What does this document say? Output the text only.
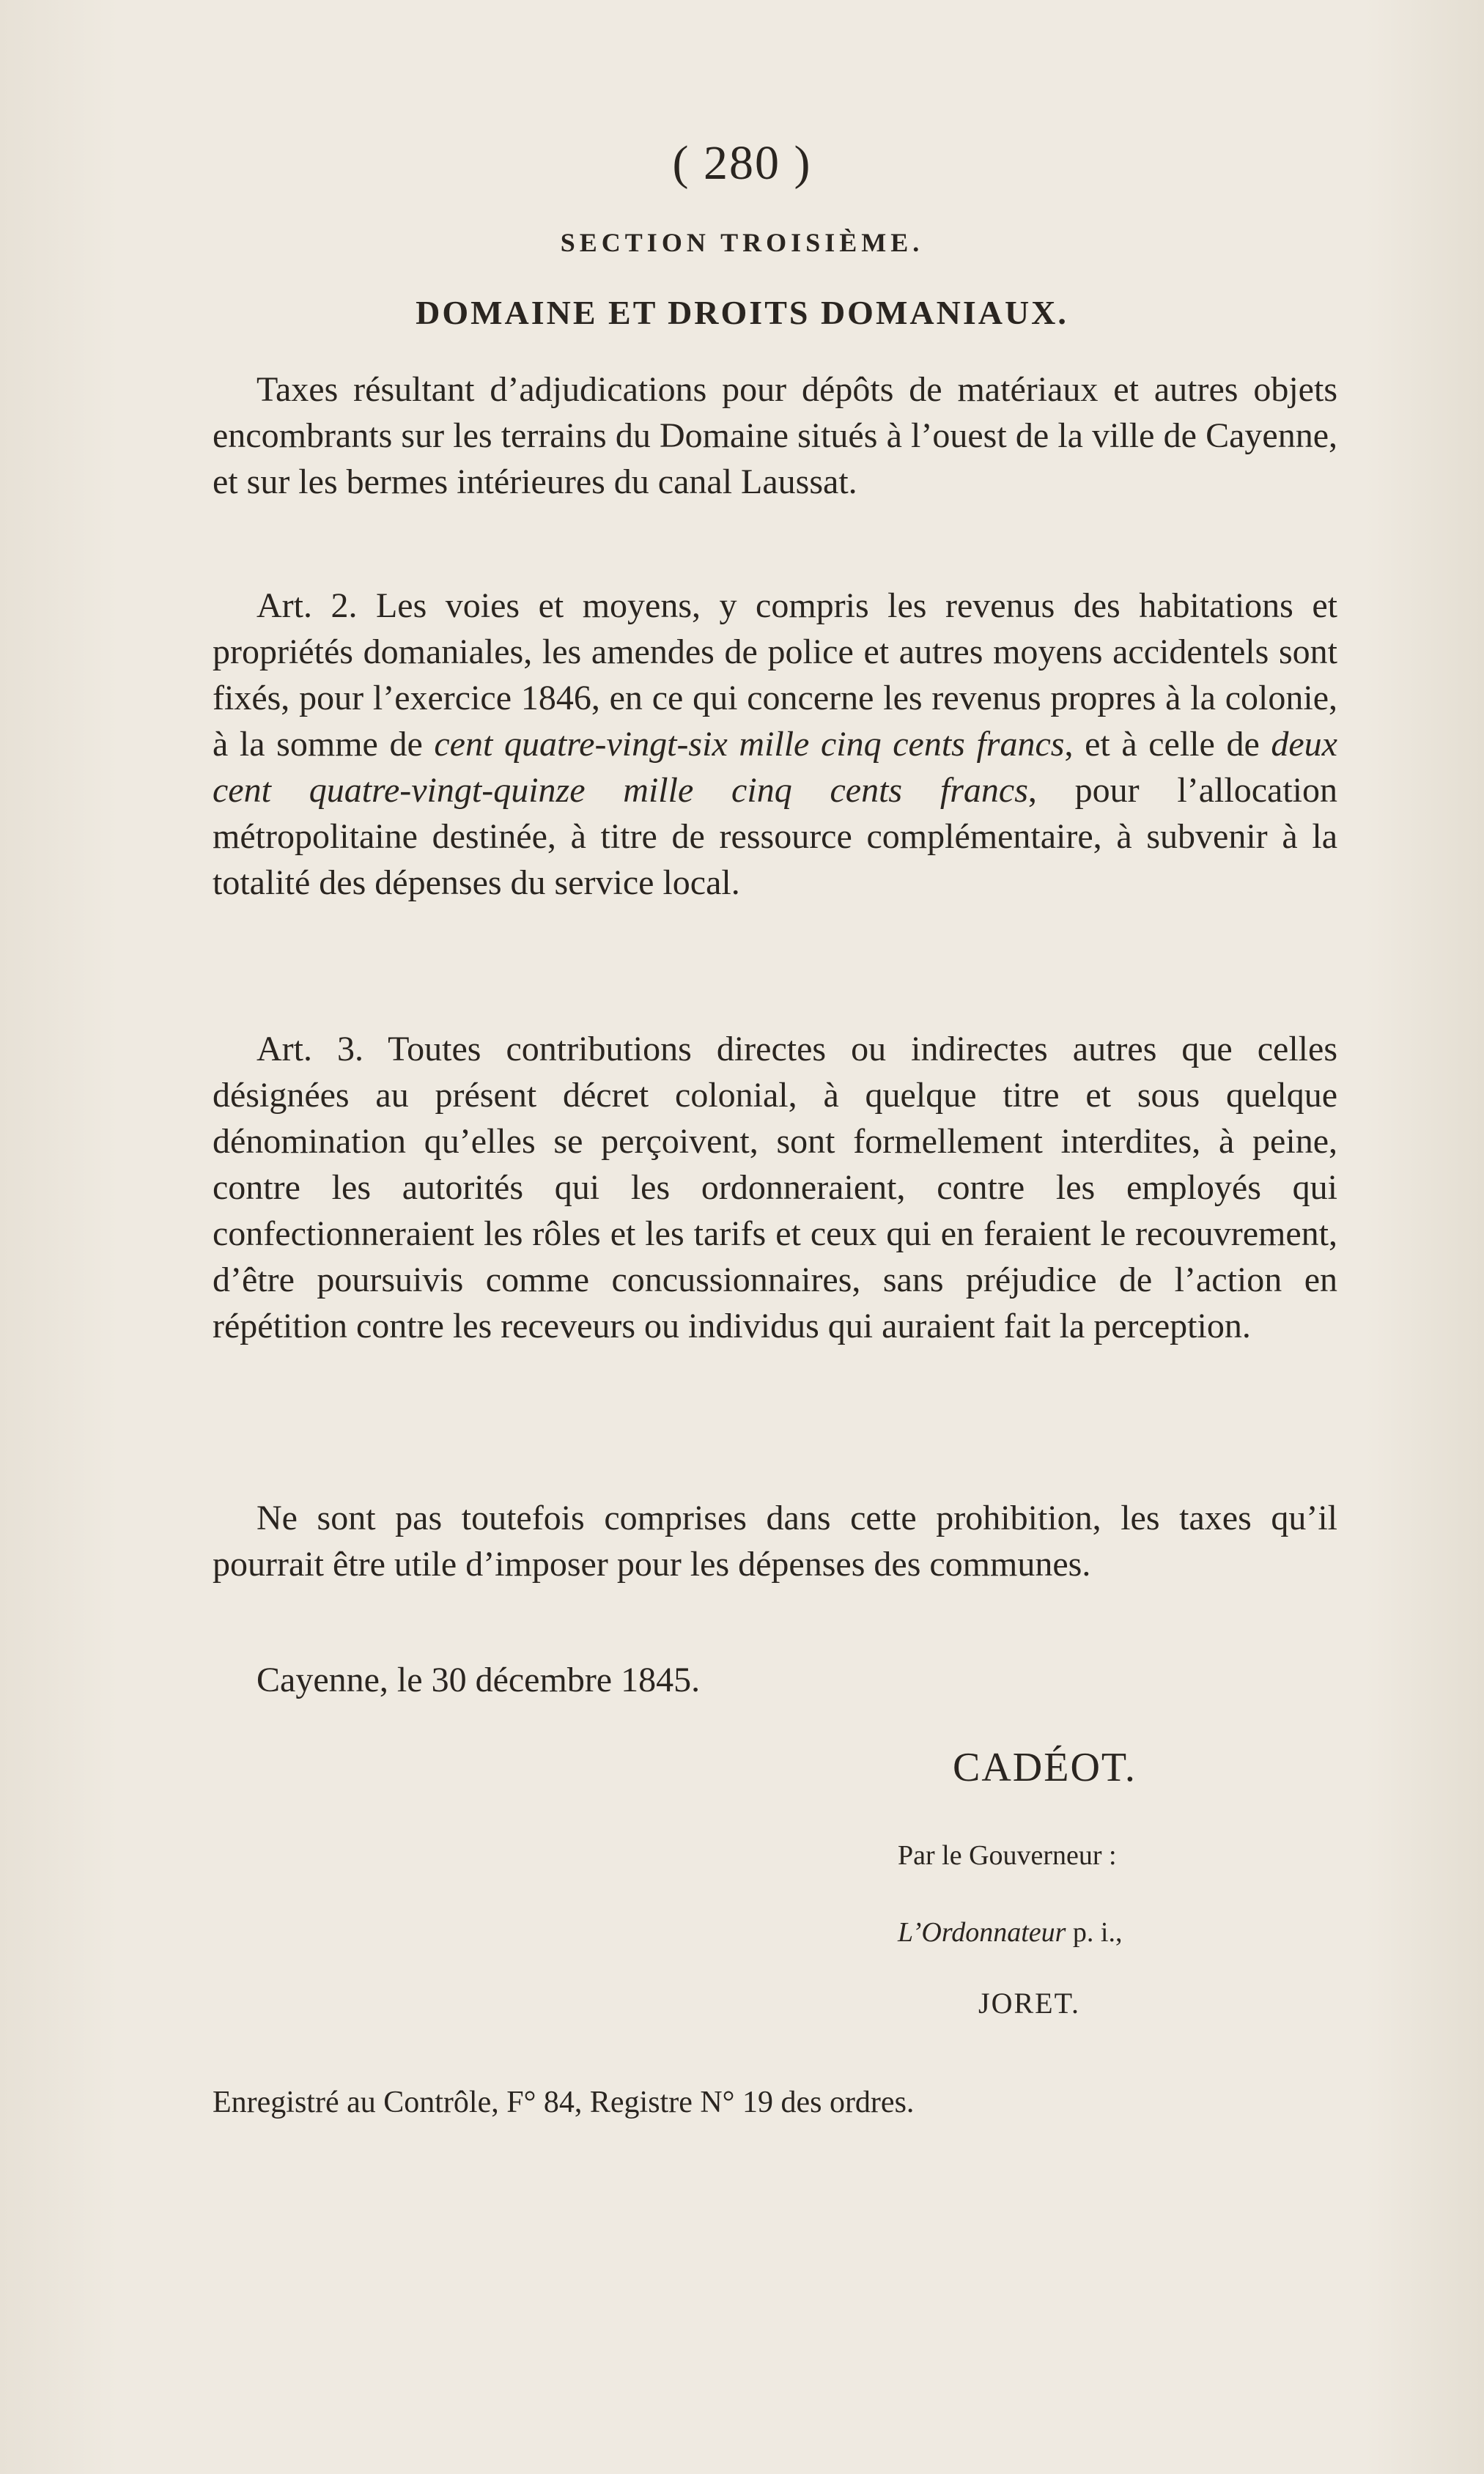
( 280 )
SECTION TROISIÈME.
DOMAINE ET DROITS DOMANIAUX.

Taxes résultant d’adjudications pour dépôts de matériaux et autres objets encombrants sur les terrains du Domaine situés à l’ouest de la ville de Cayenne, et sur les bermes intérieures du canal Laussat.

Art. 2. Les voies et moyens, y compris les revenus des habitations et propriétés domaniales, les amendes de police et autres moyens accidentels sont fixés, pour l’exercice 1846, en ce qui concerne les revenus propres à la colonie, à la somme de cent quatre-vingt-six mille cinq cents francs, et à celle de deux cent quatre-vingt-quinze mille cinq cents francs, pour l’allocation métropolitaine destinée, à titre de ressource complémentaire, à subvenir à la totalité des dépenses du service local.

Art. 3. Toutes contributions directes ou indirectes autres que celles désignées au présent décret colonial, à quelque titre et sous quelque dénomination qu’elles se perçoivent, sont formellement interdites, à peine, contre les autorités qui les ordonneraient, contre les employés qui confectionneraient les rôles et les tarifs et ceux qui en feraient le recouvrement, d’être poursuivis comme concussionnaires, sans préjudice de l’action en répétition contre les receveurs ou individus qui auraient fait la perception.

Ne sont pas toutefois comprises dans cette prohibition, les taxes qu’il pourrait être utile d’imposer pour les dépenses des communes.

Cayenne, le 30 décembre 1845.
CADÉOT.
Par le Gouverneur :
L’Ordonnateur p. i.,
JORET.
Enregistré au Contrôle, F° 84, Registre N° 19 des ordres.
